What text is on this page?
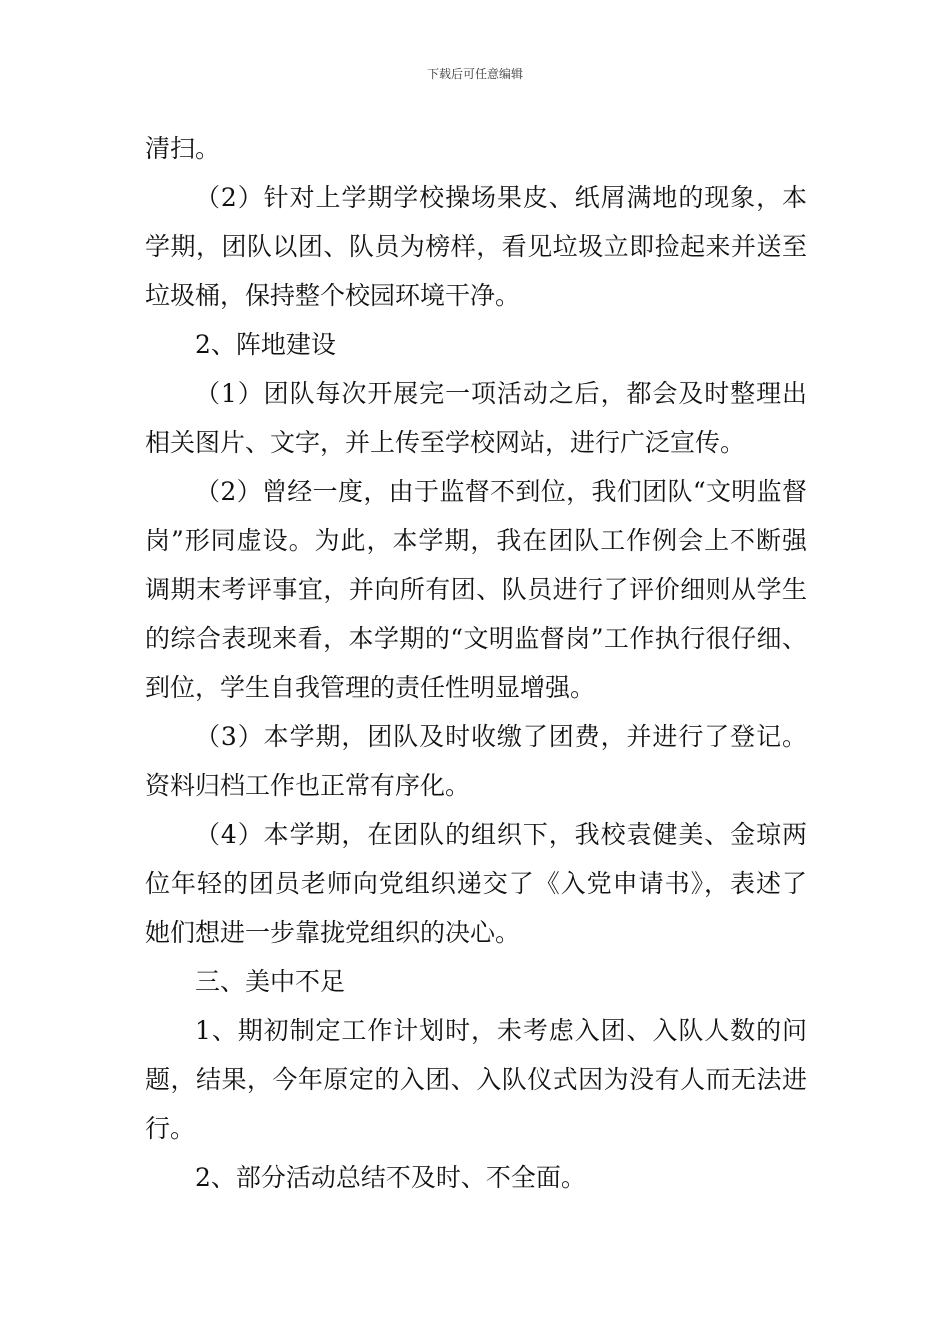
下载后可任意编辑

清扫。

（2）针对上学期学校操场果皮、纸屑满地的现象，本学期，团队以团、队员为榜样，看见垃圾立即捡起来并送至垃圾桶，保持整个校园环境干净。

2、阵地建设

（1）团队每次开展完一项活动之后，都会及时整理出相关图片、文字，并上传至学校网站，进行广泛宣传。

（2）曾经一度，由于监督不到位，我们团队“文明监督岗”形同虚设。为此，本学期，我在团队工作例会上不断强调期末考评事宜，并向所有团、队员进行了评价细则从学生的综合表现来看，本学期的“文明监督岗”工作执行很仔细、到位，学生自我管理的责任性明显增强。

（3）本学期，团队及时收缴了团费，并进行了登记。资料归档工作也正常有序化。

（4）本学期，在团队的组织下，我校袁健美、金琼两位年轻的团员老师向党组织递交了《入党申请书》，表述了她们想进一步靠拢党组织的决心。

三、美中不足

1、期初制定工作计划时，未考虑入团、入队人数的问题，结果，今年原定的入团、入队仪式因为没有人而无法进行。

2、部分活动总结不及时、不全面。
